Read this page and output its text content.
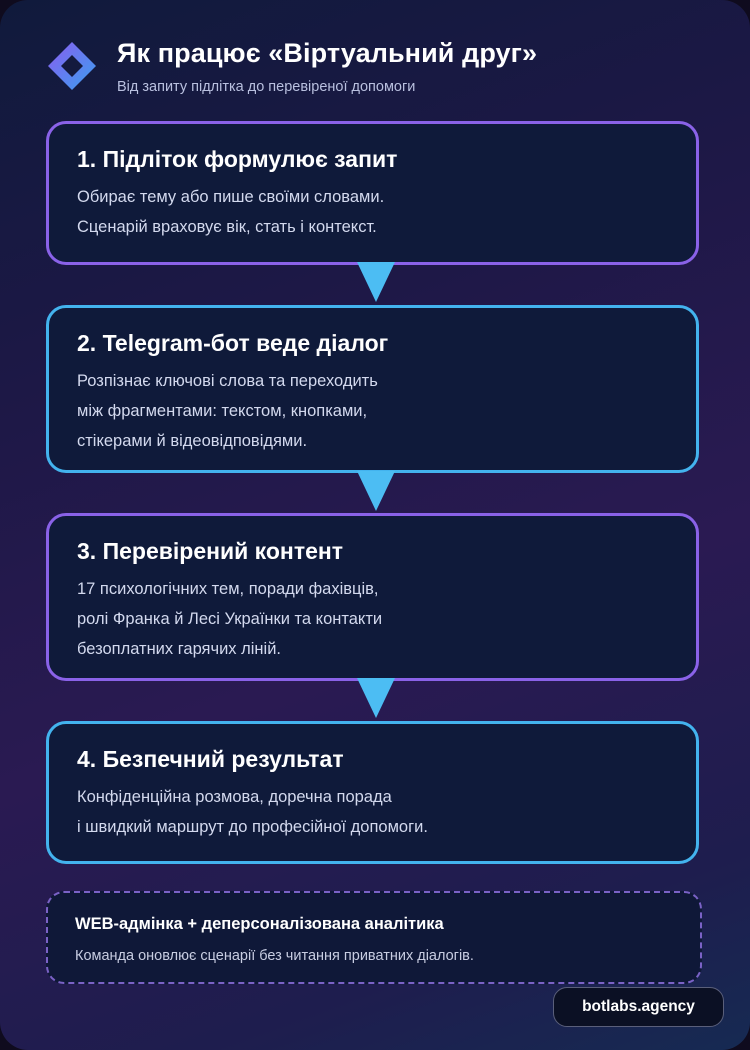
Як працює «Віртуальний друг»
Від запиту підлітка до перевіреної допомоги
1. Підліток формулює запит
Обирає тему або пише своїми словами.
Сценарій враховує вік, стать і контекст.
2. Telegram-бот веде діалог
Розпізнає ключові слова та переходить
між фрагментами: текстом, кнопками,
стікерами й відеовідповідями.
3. Перевірений контент
17 психологічних тем, поради фахівців,
ролі Франка й Лесі Українки та контакти
безоплатних гарячих ліній.
4. Безпечний результат
Конфіденційна розмова, доречна порада
і швидкий маршрут до професійної допомоги.
WEB-адмінка + деперсоналізована аналітика
Команда оновлює сценарії без читання приватних діалогів.
botlabs.agency
